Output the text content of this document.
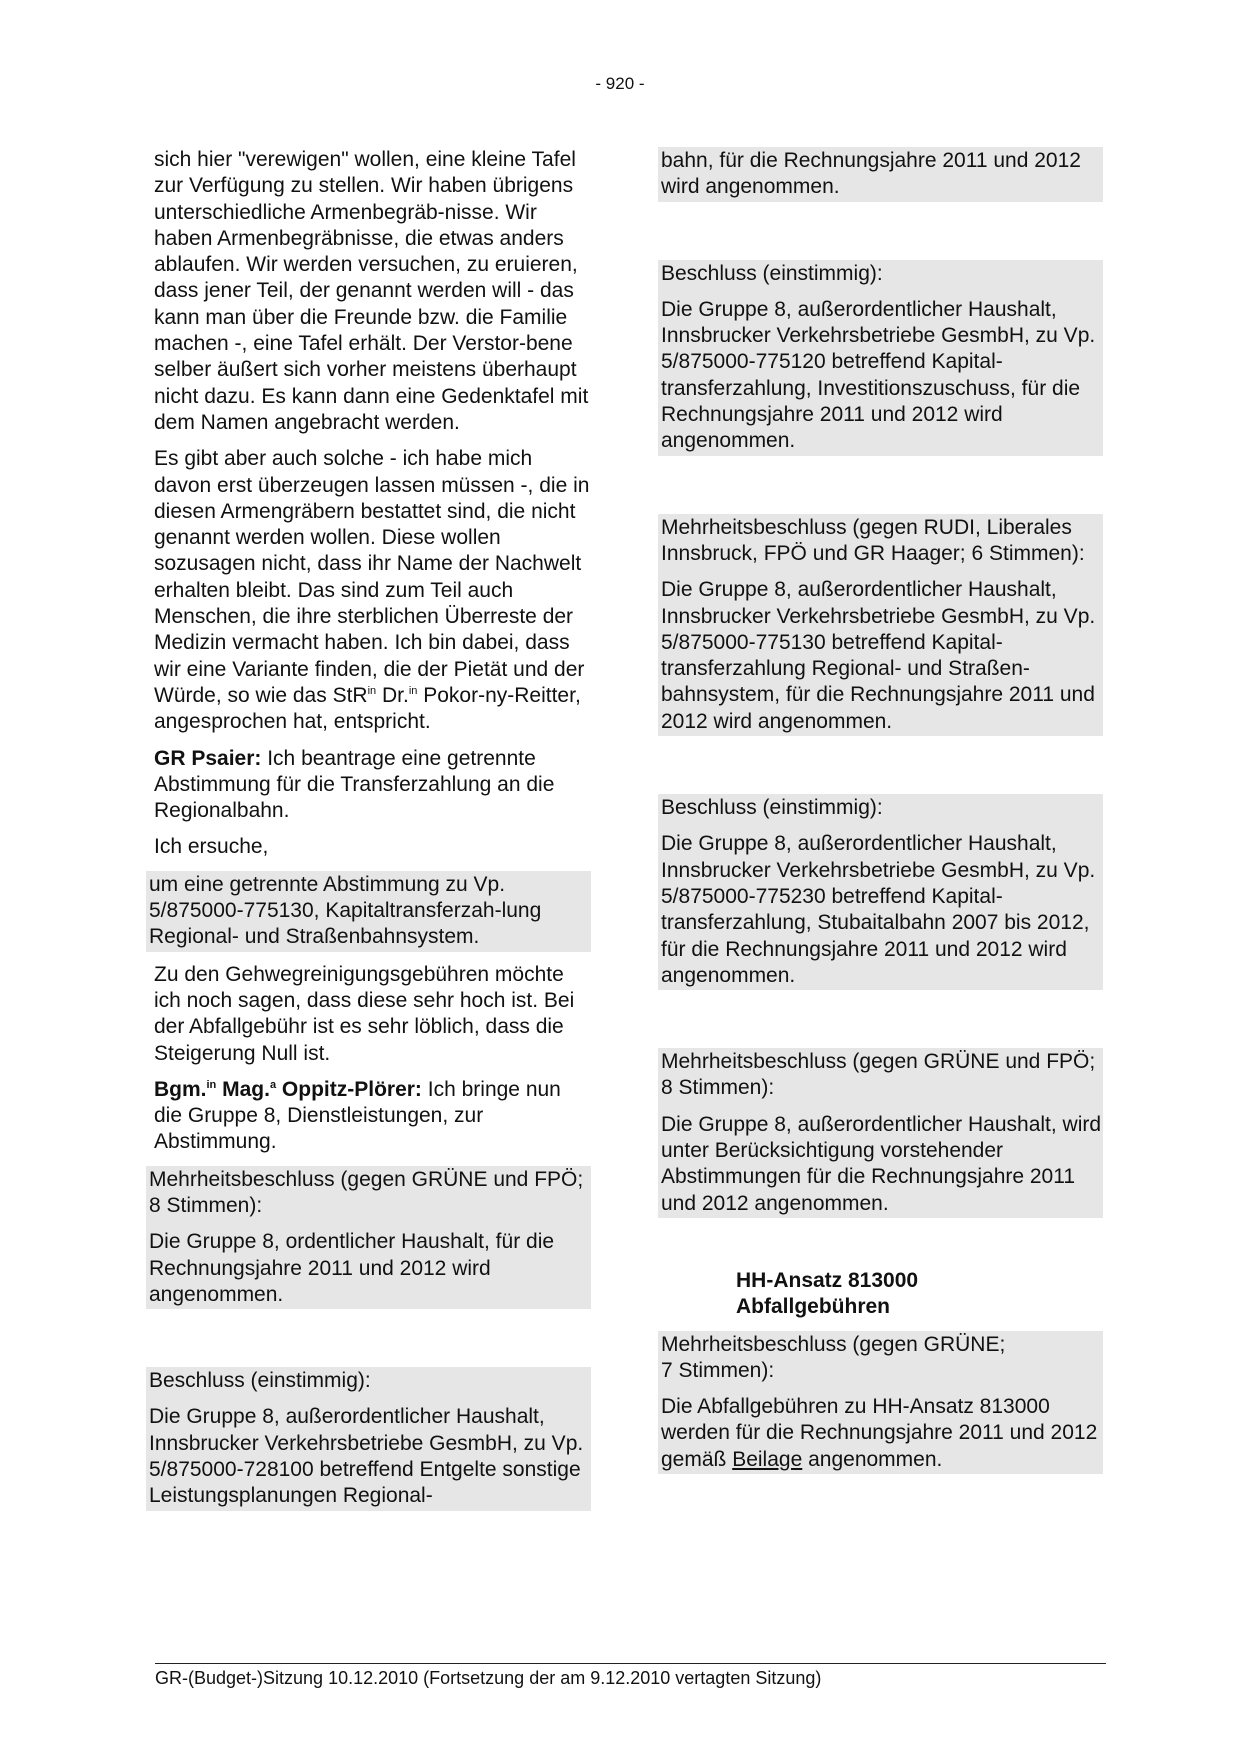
- 920 -

sich hier "verewigen" wollen, eine kleine Tafel zur Verfügung zu stellen. Wir haben übrigens unterschiedliche Armenbegräb-nisse. Wir haben Armenbegräbnisse, die etwas anders ablaufen. Wir werden versuchen, zu eruieren, dass jener Teil, der genannt werden will - das kann man über die Freunde bzw. die Familie machen -, eine Tafel erhält. Der Verstor-bene selber äußert sich vorher meistens überhaupt nicht dazu. Es kann dann eine Gedenktafel mit dem Namen angebracht werden.

Es gibt aber auch solche - ich habe mich davon erst überzeugen lassen müssen -, die in diesen Armengräbern bestattet sind, die nicht genannt werden wollen. Diese wollen sozusagen nicht, dass ihr Name der Nachwelt erhalten bleibt. Das sind zum Teil auch Menschen, die ihre sterblichen Überreste der Medizin vermacht haben. Ich bin dabei, dass wir eine Variante finden, die der Pietät und der Würde, so wie das StR$^{in}$ Dr.$^{in}$ Pokor-ny-Reitter, angesprochen hat, entspricht.

GR Psaier: Ich beantrage eine getrennte Abstimmung für die Transferzahlung an die Regionalbahn.

Ich ersuche,

um eine getrennte Abstimmung zu Vp. 5/875000-775130, Kapitaltransferzah-lung Regional- und Straßenbahnsystem.

Zu den Gehwegreinigungsgebühren möchte ich noch sagen, dass diese sehr hoch ist. Bei der Abfallgebühr ist es sehr löblich, dass die Steigerung Null ist.

Bgm.$^{in}$ Mag.$^a$ Oppitz-Plörer: Ich bringe nun die Gruppe 8, Dienstleistungen, zur Abstimmung.

Mehrheitsbeschluss (gegen GRÜNE und FPÖ; 8 Stimmen):

Die Gruppe 8, ordentlicher Haushalt, für die Rechnungsjahre 2011 und 2012 wird angenommen.

Beschluss (einstimmig):

Die Gruppe 8, außerordentlicher Haushalt, Innsbrucker Verkehrsbetriebe GesmbH, zu Vp. 5/875000-728100 betreffend Entgelte sonstige Leistungsplanungen Regional-

bahn, für die Rechnungsjahre 2011 und 2012 wird angenommen.

Beschluss (einstimmig):

Die Gruppe 8, außerordentlicher Haushalt, Innsbrucker Verkehrsbetriebe GesmbH, zu Vp. 5/875000-775120 betreffend Kapital-transferzahlung, Investitionszuschuss, für die Rechnungsjahre 2011 und 2012 wird angenommen.

Mehrheitsbeschluss (gegen RUDI, Liberales Innsbruck, FPÖ und GR Haager; 6 Stimmen):

Die Gruppe 8, außerordentlicher Haushalt, Innsbrucker Verkehrsbetriebe GesmbH, zu Vp. 5/875000-775130 betreffend Kapital-transferzahlung Regional- und Straßen-bahnsystem, für die Rechnungsjahre 2011 und 2012 wird angenommen.

Beschluss (einstimmig):

Die Gruppe 8, außerordentlicher Haushalt, Innsbrucker Verkehrsbetriebe GesmbH, zu Vp. 5/875000-775230 betreffend Kapital-transferzahlung, Stubaitalbahn 2007 bis 2012, für die Rechnungsjahre 2011 und 2012 wird angenommen.

Mehrheitsbeschluss (gegen GRÜNE und FPÖ; 8 Stimmen):

Die Gruppe 8, außerordentlicher Haushalt, wird unter Berücksichtigung vorstehender Abstimmungen für die Rechnungsjahre 2011 und 2012 angenommen.

HH-Ansatz 813000
Abfallgebühren

Mehrheitsbeschluss (gegen GRÜNE;
7 Stimmen):

Die Abfallgebühren zu HH-Ansatz 813000 werden für die Rechnungsjahre 2011 und 2012 gemäß Beilage angenommen.

GR-(Budget-)Sitzung 10.12.2010 (Fortsetzung der am 9.12.2010 vertagten Sitzung)
